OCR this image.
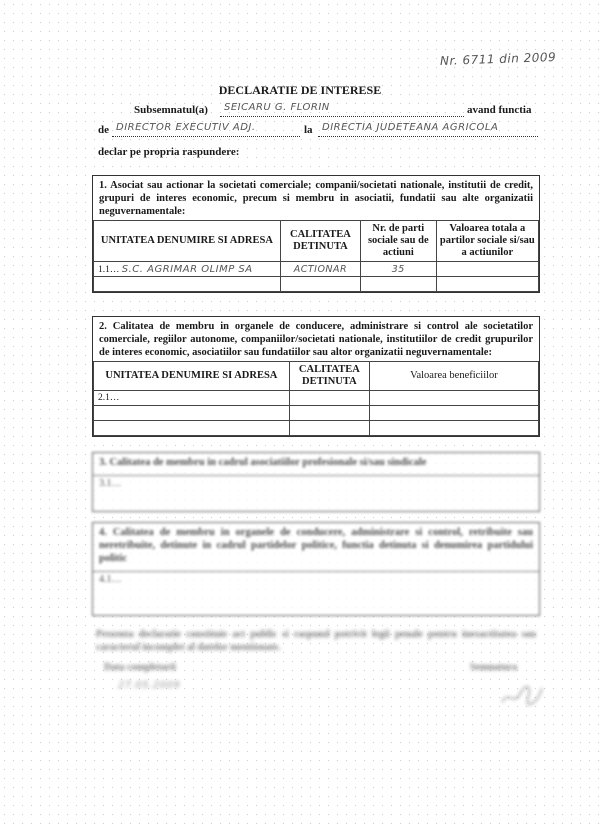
Nr. 6711 din 2009
DECLARATIE DE INTERESE
Subsemnatul(a) SEICARU G. FLORIN	avand functia
de DIRECTOR EXECUTIV ADJ.	la DIRECTIA JUDETEANA AGRICOLA
declar pe propria raspundere:
1. Asociat sau actionar la societati comerciale; companii/societati nationale, institutii de credit, grupuri de interes economic, precum si membru in asociatii, fundatii sau alte organizatii neguvernamentale:
UNITATEA DENUMIRE SI ADRESA	CALITATEA DETINUTA	Nr. de parti sociale sau de actiuni	Valoarea totala a partilor sociale si/sau a actiunilor
1.1… S.C. AGRIMAR OLIMP SA	ACTIONAR	35	

2. Calitatea de membru in organele de conducere, administrare si control ale societatilor comerciale, regiilor autonome, companiilor/societati nationale, institutiilor de credit grupurilor de interes economic, asociatiilor sau fundatiilor sau altor organizatii neguvernamentale:
UNITATEA DENUMIRE SI ADRESA	CALITATEA DETINUTA	Valoarea beneficiilor
2.1…		

3. Calitatea de membru in cadrul asociatiilor profesionale si/sau sindicale
3.1…
4. Calitatea de membru in organele de conducere, administrare si control, retribuite sau neretribuite, detinute in cadrul partidelor politice, functia detinuta si denumirea partidului politic
4.1…
Prezenta declaratie constituie act public si raspund potrivit legii penale pentru inexactitatea sau caracterul incomplet al datelor mentionate.
Data completarii
27.05.2009
Semnatura
